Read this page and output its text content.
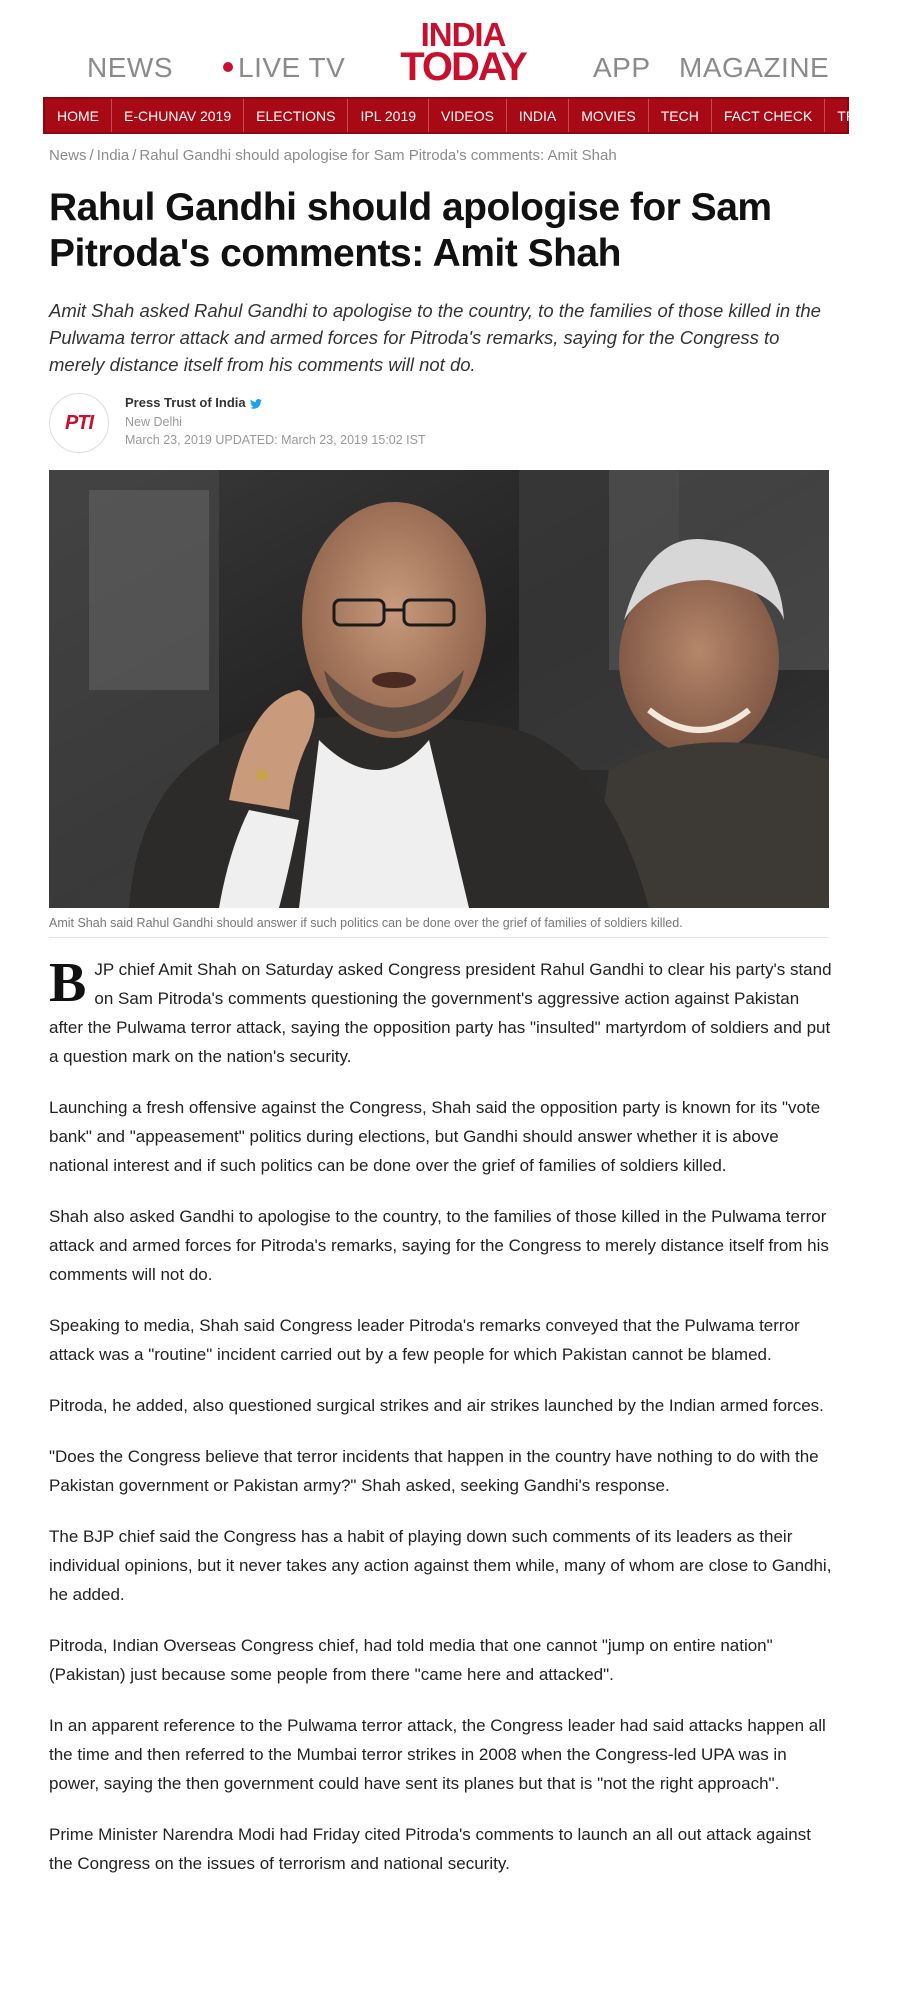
NEWS	LIVE TV
INDIA
TODAY	APP MAGAZINE
HOME	E-CHUNAV 2019	ELECTIONS	IPL 2019	VIDEOS	INDIA	MOVIES	TECH	FACT CHECK	TRENDING
News / India / Rahul Gandhi should apologise for Sam Pitroda's comments: Amit Shah
Rahul Gandhi should apologise for Sam Pitroda's comments: Amit Shah

Amit Shah asked Rahul Gandhi to apologise to the country, to the families of those killed in the Pulwama terror attack and armed forces for Pitroda's remarks, saying for the Congress to merely distance itself from his comments will not do.

PTI
Press Trust of India
New Delhi
March 23, 2019 UPDATED: March 23, 2019 15:02 IST
Amit Shah said Rahul Gandhi should answer if such politics can be done over the grief of families of soldiers killed.

BJP chief Amit Shah on Saturday asked Congress president Rahul Gandhi to clear his party's stand on Sam Pitroda's comments questioning the government's aggressive action against Pakistan after the Pulwama terror attack, saying the opposition party has "insulted" martyrdom of soldiers and put a question mark on the nation's security.

Launching a fresh offensive against the Congress, Shah said the opposition party is known for its "vote bank" and "appeasement" politics during elections, but Gandhi should answer whether it is above national interest and if such politics can be done over the grief of families of soldiers killed.

Shah also asked Gandhi to apologise to the country, to the families of those killed in the Pulwama terror attack and armed forces for Pitroda's remarks, saying for the Congress to merely distance itself from his comments will not do.

Speaking to media, Shah said Congress leader Pitroda's remarks conveyed that the Pulwama terror attack was a "routine" incident carried out by a few people for which Pakistan cannot be blamed.

Pitroda, he added, also questioned surgical strikes and air strikes launched by the Indian armed forces.

"Does the Congress believe that terror incidents that happen in the country have nothing to do with the Pakistan government or Pakistan army?" Shah asked, seeking Gandhi's response.

The BJP chief said the Congress has a habit of playing down such comments of its leaders as their individual opinions, but it never takes any action against them while, many of whom are close to Gandhi, he added.

Pitroda, Indian Overseas Congress chief, had told media that one cannot "jump on entire nation" (Pakistan) just because some people from there "came here and attacked".

In an apparent reference to the Pulwama terror attack, the Congress leader had said attacks happen all the time and then referred to the Mumbai terror strikes in 2008 when the Congress-led UPA was in power, saying the then government could have sent its planes but that is "not the right approach".

Prime Minister Narendra Modi had Friday cited Pitroda's comments to launch an all out attack against the Congress on the issues of terrorism and national security.
